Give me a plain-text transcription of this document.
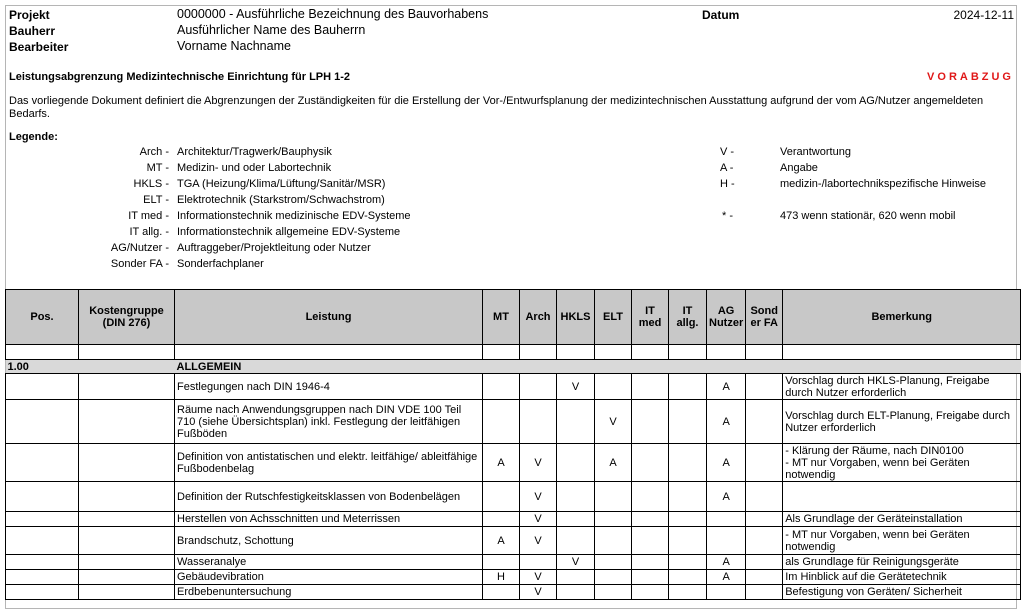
Projekt	0000000 - Ausführliche Bezeichnung des Bauvorhabens	Datum	2024-12-11
Bauherr	Ausführlicher Name des Bauherrn
Bearbeiter	Vorname Nachname
Leistungsabgrenzung Medizintechnische Einrichtung für LPH 1-2	VORABZUG
Das vorliegende Dokument definiert die Abgrenzungen der Zuständigkeiten für die Erstellung der Vor-/Entwurfsplanung der medizintechnischen Ausstattung aufgrund der vom AG/Nutzer angemeldeten Bedarfs.
Legende:
Arch - Architektur/Tragwerk/Bauphysik
MT - Medizin- und oder Labortechnik
HKLS - TGA (Heizung/Klima/Lüftung/Sanitär/MSR)
ELT - Elektrotechnik (Starkstrom/Schwachstrom)
IT med - Informationstechnik medizinische EDV-Systeme
IT allg. - Informationstechnik allgemeine EDV-Systeme
AG/Nutzer - Auftraggeber/Projektleitung oder Nutzer
Sonder FA - Sonderfachplaner
V -	Verantwortung
A -	Angabe
H -	medizin-/labortechnikspezifische Hinweise
* -	473 wenn stationär, 620 wenn mobil
Pos.	Kostengruppe (DIN 276)	Leistung	MT	Arch	HKLS	ELT	IT med	IT allg.	AG Nutzer	Sond er FA	Bemerkung

1.00		ALLGEMEIN									
		Festlegungen nach DIN 1946-4			V				A		Vorschlag durch HKLS-Planung, Freigabe durch Nutzer erforderlich
		Räume nach Anwendungsgruppen nach DIN VDE 100 Teil 710 (siehe Übersichtsplan) inkl. Festlegung der leitfähigen Fußböden				V			A		Vorschlag durch ELT-Planung, Freigabe durch Nutzer erforderlich
		Definition von antistatischen und elektr. leitfähige/ ableitfähige Fußbodenbelag	A	V		A			A		- Klärung der Räume, nach DIN0100
- MT nur Vorgaben, wenn bei Geräten notwendig
		Definition der Rutschfestigkeitsklassen von Bodenbelägen		V					A		
		Herstellen von Achsschnitten und Meterrissen		V							Als Grundlage der Geräteinstallation
		Brandschutz, Schottung	A	V							- MT nur Vorgaben, wenn bei Geräten notwendig
		Wasseranalye			V				A		als Grundlage für Reinigungsgeräte
		Gebäudevibration	H	V					A		Im Hinblick auf die Gerätetechnik
		Erdbebenuntersuchung		V							Befestigung von Geräten/ Sicherheit
